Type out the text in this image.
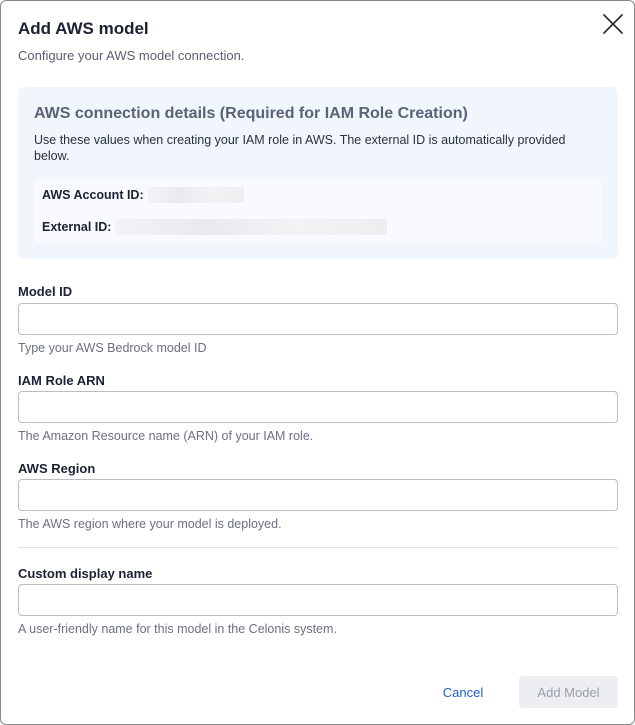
Add AWS model
Configure your AWS model connection.
AWS connection details (Required for IAM Role Creation)
Use these values when creating your IAM role in AWS. The external ID is automatically provided below.
AWS Account ID:
External ID:
Model ID
Type your AWS Bedrock model ID
IAM Role ARN
The Amazon Resource name (ARN) of your IAM role.
AWS Region
The AWS region where your model is deployed.
Custom display name
A user-friendly name for this model in the Celonis system.
Cancel	Add Model
